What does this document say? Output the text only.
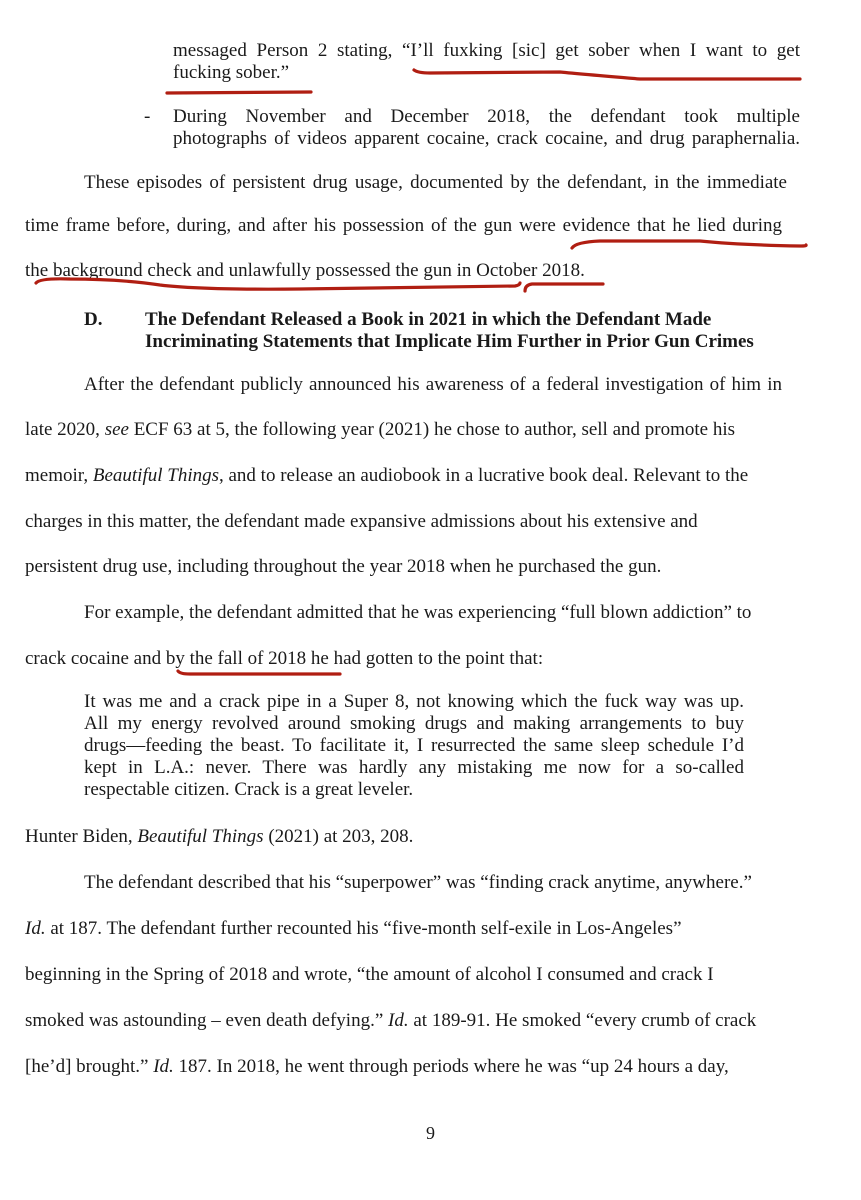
messaged Person 2 stating, “I’ll fuxking [sic] get sober when I want to get
fucking sober.”
- During November and December 2018, the defendant took multiple
photographs of videos apparent cocaine, crack cocaine, and drug paraphernalia.
These episodes of persistent drug usage, documented by the defendant, in the immediate
time frame before, during, and after his possession of the gun were evidence that he lied during
the background check and unlawfully possessed the gun in October 2018.
D. The Defendant Released a Book in 2021 in which the Defendant Made
Incriminating Statements that Implicate Him Further in Prior Gun Crimes
After the defendant publicly announced his awareness of a federal investigation of him in
late 2020, see ECF 63 at 5, the following year (2021) he chose to author, sell and promote his
memoir, Beautiful Things, and to release an audiobook in a lucrative book deal. Relevant to the
charges in this matter, the defendant made expansive admissions about his extensive and
persistent drug use, including throughout the year 2018 when he purchased the gun.
For example, the defendant admitted that he was experiencing “full blown addiction” to
crack cocaine and by the fall of 2018 he had gotten to the point that:
It was me and a crack pipe in a Super 8, not knowing which the fuck way was up.
All my energy revolved around smoking drugs and making arrangements to buy
drugs—feeding the beast. To facilitate it, I resurrected the same sleep schedule I’d
kept in L.A.: never. There was hardly any mistaking me now for a so-called
respectable citizen. Crack is a great leveler.
Hunter Biden, Beautiful Things (2021) at 203, 208.
The defendant described that his “superpower” was “finding crack anytime, anywhere.”
Id. at 187. The defendant further recounted his “five-month self-exile in Los-Angeles”
beginning in the Spring of 2018 and wrote, “the amount of alcohol I consumed and crack I
smoked was astounding – even death defying.” Id. at 189-91. He smoked “every crumb of crack
[he’d] brought.” Id. 187. In 2018, he went through periods where he was “up 24 hours a day,
9
